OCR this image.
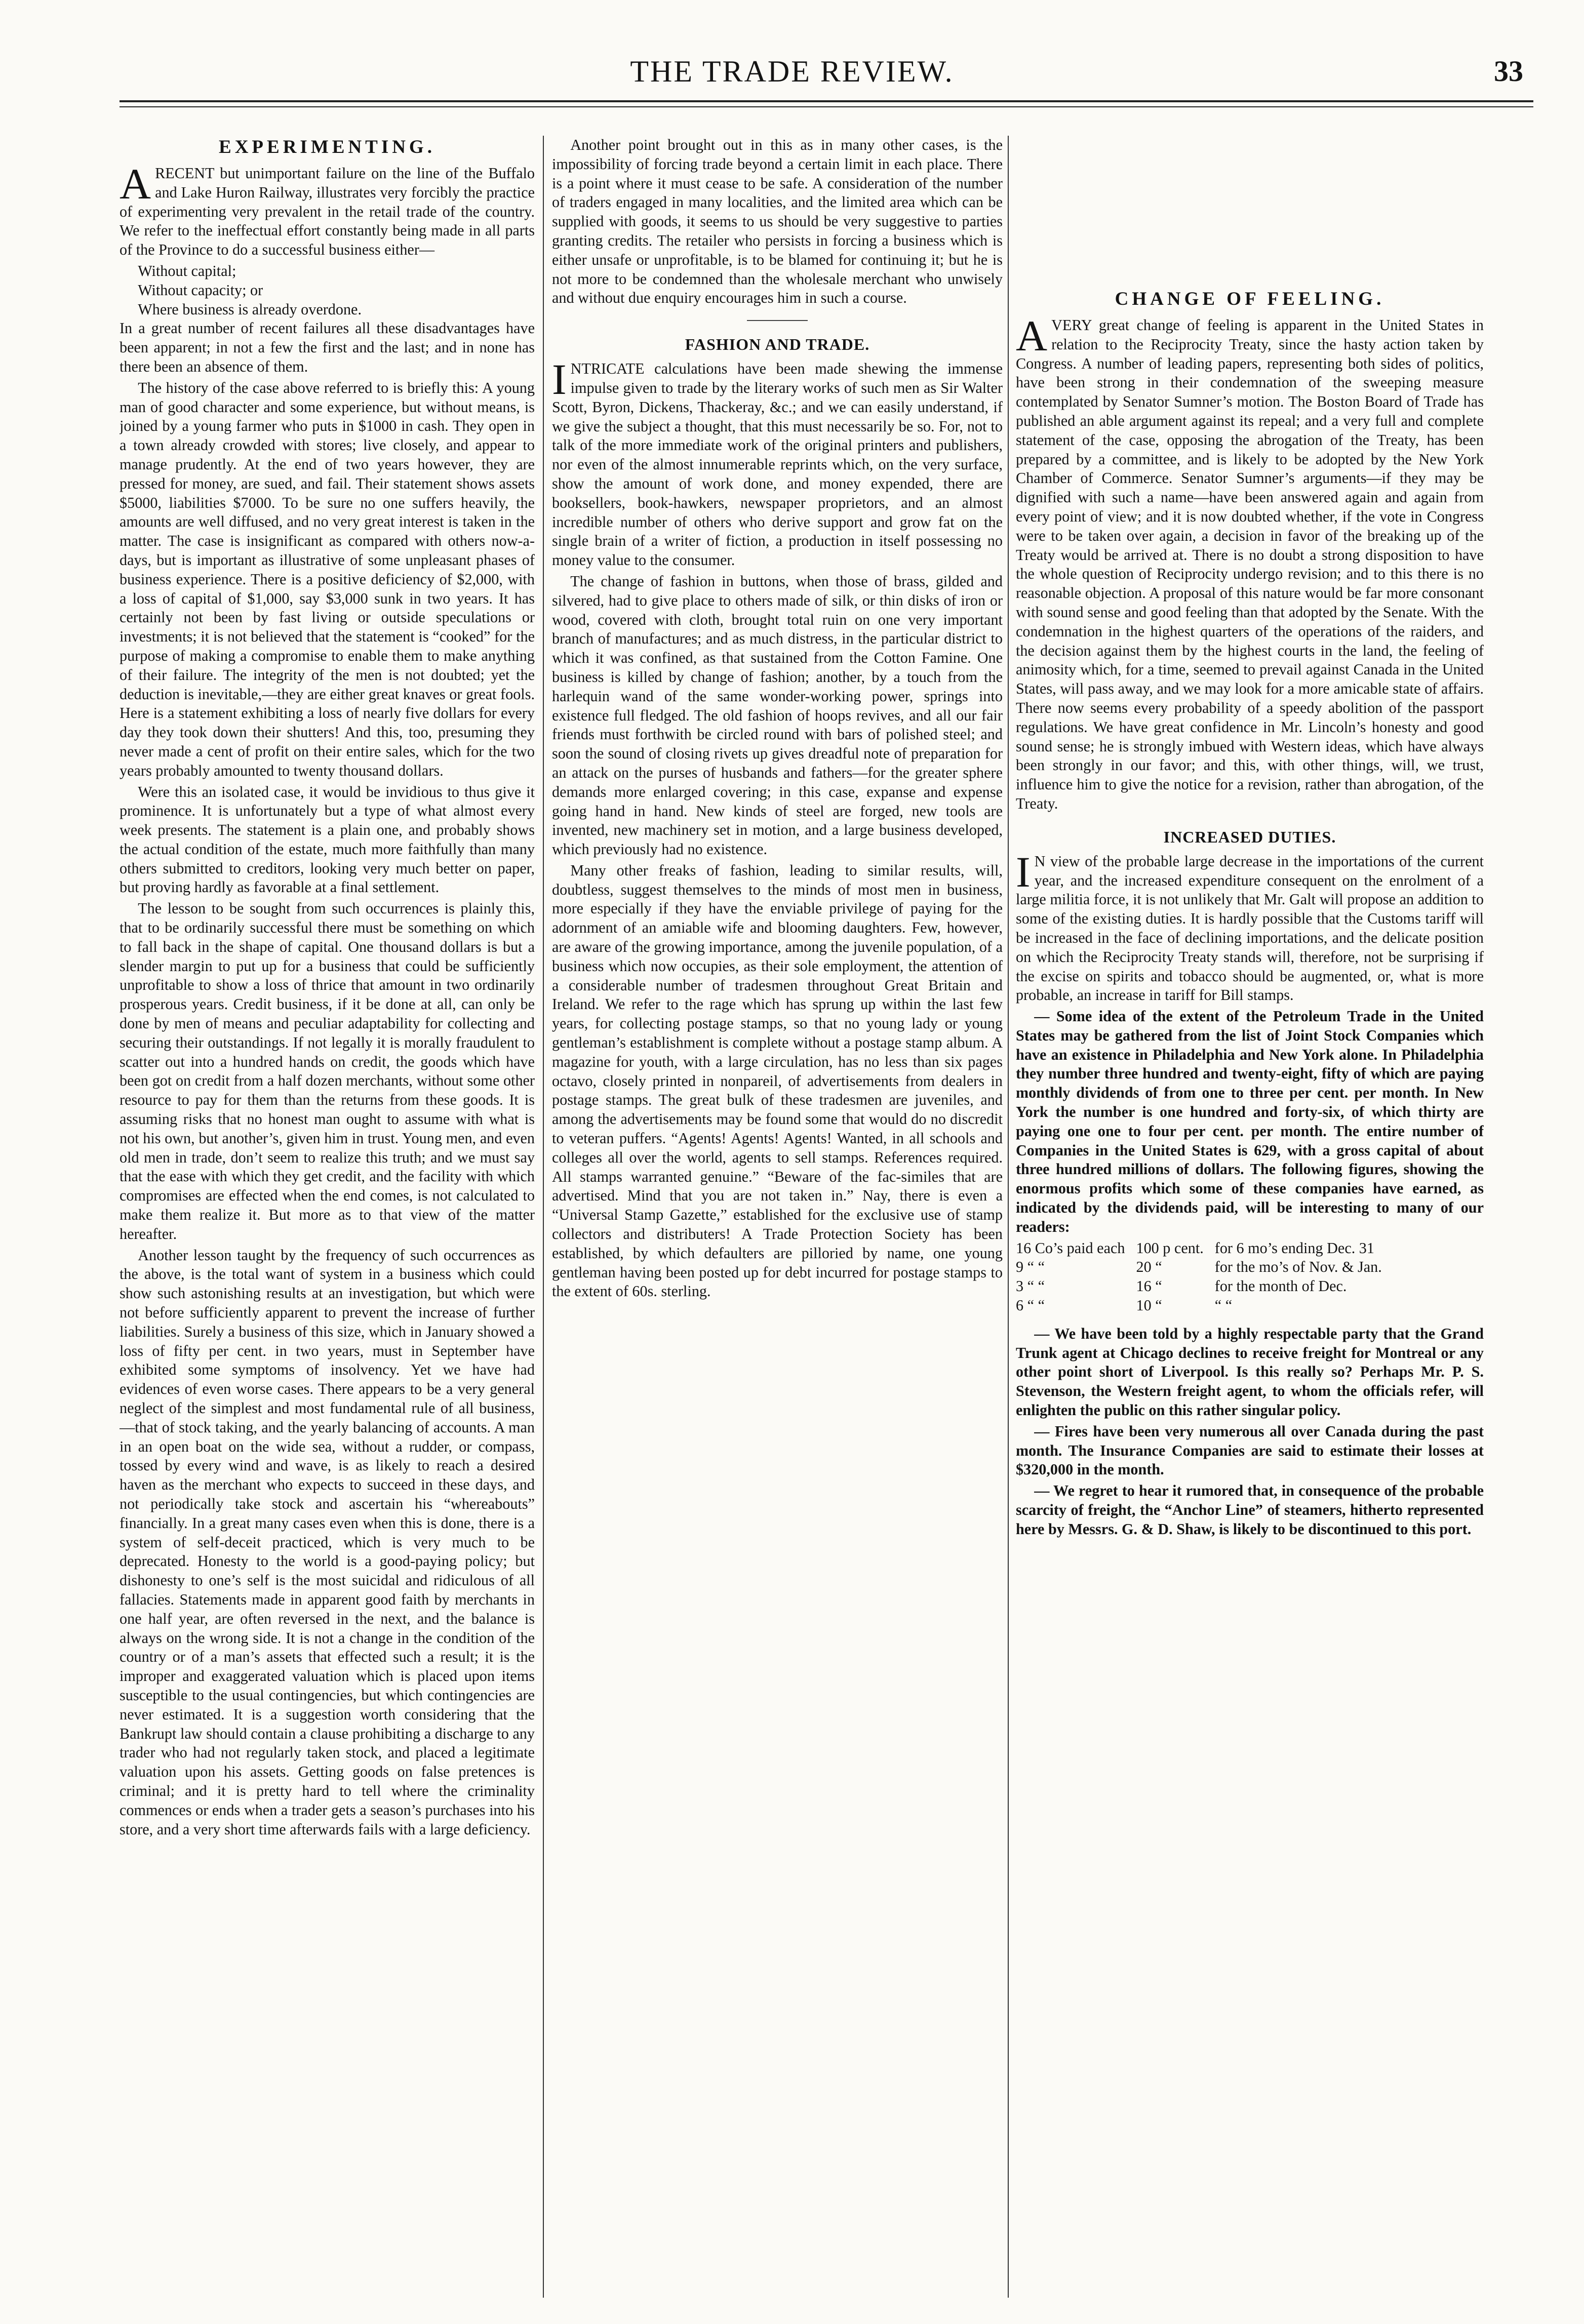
THE TRADE REVIEW.	33
EXPERIMENTING.

ARECENT but unimportant failure on the line of the Buffalo and Lake Huron Railway, illustrates very forcibly the practice of experimenting very prevalent in the retail trade of the country. We refer to the ineffectual effort constantly being made in all parts of the Province to do a successful business either—

Without capital;

Without capacity; or

Where business is already overdone.

In a great number of recent failures all these disadvantages have been apparent; in not a few the first and the last; and in none has there been an absence of them.

The history of the case above referred to is briefly this: A young man of good character and some experience, but without means, is joined by a young farmer who puts in $1000 in cash. They open in a town already crowded with stores; live closely, and appear to manage prudently. At the end of two years however, they are pressed for money, are sued, and fail. Their statement shows assets $5000, liabilities $7000. To be sure no one suffers heavily, the amounts are well diffused, and no very great interest is taken in the matter. The case is insignificant as compared with others now-a-days, but is important as illustrative of some unpleasant phases of business experience. There is a positive deficiency of $2,000, with a loss of capital of $1,000, say $3,000 sunk in two years. It has certainly not been by fast living or outside speculations or investments; it is not believed that the statement is “cooked” for the purpose of making a compromise to enable them to make anything of their failure. The integrity of the men is not doubted; yet the deduction is inevitable,—they are either great knaves or great fools. Here is a statement exhibiting a loss of nearly five dollars for every day they took down their shutters! And this, too, presuming they never made a cent of profit on their entire sales, which for the two years probably amounted to twenty thousand dollars.

Were this an isolated case, it would be invidious to thus give it prominence. It is unfortunately but a type of what almost every week presents. The statement is a plain one, and probably shows the actual condition of the estate, much more faithfully than many others submitted to creditors, looking very much better on paper, but proving hardly as favorable at a final settlement.

The lesson to be sought from such occurrences is plainly this, that to be ordinarily successful there must be something on which to fall back in the shape of capital. One thousand dollars is but a slender margin to put up for a business that could be sufficiently unprofitable to show a loss of thrice that amount in two ordinarily prosperous years. Credit business, if it be done at all, can only be done by men of means and peculiar adaptability for collecting and securing their outstandings. If not legally it is morally fraudulent to scatter out into a hundred hands on credit, the goods which have been got on credit from a half dozen merchants, without some other resource to pay for them than the returns from these goods. It is assuming risks that no honest man ought to assume with what is not his own, but another’s, given him in trust. Young men, and even old men in trade, don’t seem to realize this truth; and we must say that the ease with which they get credit, and the facility with which compromises are effected when the end comes, is not calculated to make them realize it. But more as to that view of the matter hereafter.

Another lesson taught by the frequency of such occurrences as the above, is the total want of system in a business which could show such astonishing results at an investigation, but which were not before sufficiently apparent to prevent the increase of further liabilities. Surely a business of this size, which in January showed a loss of fifty per cent. in two years, must in September have exhibited some symptoms of insolvency. Yet we have had evidences of even worse cases. There appears to be a very general neglect of the simplest and most fundamental rule of all business,—that of stock taking, and the yearly balancing of accounts. A man in an open boat on the wide sea, without a rudder, or compass, tossed by every wind and wave, is as likely to reach a desired haven as the merchant who expects to succeed in these days, and not periodically take stock and ascertain his “whereabouts” financially. In a great many cases even when this is done, there is a system of self-deceit practiced, which is very much to be deprecated. Honesty to the world is a good-paying policy; but dishonesty to one’s self is the most suicidal and ridiculous of all fallacies. Statements made in apparent good faith by merchants in one half year, are often reversed in the next, and the balance is always on the wrong side. It is not a change in the condition of the country or of a man’s assets that effected such a result; it is the improper and exaggerated valuation which is placed upon items susceptible to the usual contingencies, but which contingencies are never estimated. It is a suggestion worth considering that the Bankrupt law should contain a clause prohibiting a discharge to any trader who had not regularly taken stock, and placed a legitimate valuation upon his assets. Getting goods on false pretences is criminal; and it is pretty hard to tell where the criminality commences or ends when a trader gets a season’s purchases into his store, and a very short time afterwards fails with a large deficiency.

Another point brought out in this as in many other cases, is the impossibility of forcing trade beyond a certain limit in each place. There is a point where it must cease to be safe. A consideration of the number of traders engaged in many localities, and the limited area which can be supplied with goods, it seems to us should be very suggestive to parties granting credits. The retailer who persists in forcing a business which is either unsafe or unprofitable, is to be blamed for continuing it; but he is not more to be condemned than the wholesale merchant who unwisely and without due enquiry encourages him in such a course.

FASHION AND TRADE.

INTRICATE calculations have been made shewing the immense impulse given to trade by the literary works of such men as Sir Walter Scott, Byron, Dickens, Thackeray, &c.; and we can easily understand, if we give the subject a thought, that this must necessarily be so. For, not to talk of the more immediate work of the original printers and publishers, nor even of the almost innumerable reprints which, on the very surface, show the amount of work done, and money expended, there are booksellers, book-hawkers, newspaper proprietors, and an almost incredible number of others who derive support and grow fat on the single brain of a writer of fiction, a production in itself possessing no money value to the consumer.

The change of fashion in buttons, when those of brass, gilded and silvered, had to give place to others made of silk, or thin disks of iron or wood, covered with cloth, brought total ruin on one very important branch of manufactures; and as much distress, in the particular district to which it was confined, as that sustained from the Cotton Famine. One business is killed by change of fashion; another, by a touch from the harlequin wand of the same wonder-working power, springs into existence full fledged. The old fashion of hoops revives, and all our fair friends must forthwith be circled round with bars of polished steel; and soon the sound of closing rivets up gives dreadful note of preparation for an attack on the purses of husbands and fathers—for the greater sphere demands more enlarged covering; in this case, expanse and expense going hand in hand. New kinds of steel are forged, new tools are invented, new machinery set in motion, and a large business developed, which previously had no existence.

Many other freaks of fashion, leading to similar results, will, doubtless, suggest themselves to the minds of most men in business, more especially if they have the enviable privilege of paying for the adornment of an amiable wife and blooming daughters. Few, however, are aware of the growing importance, among the juvenile population, of a business which now occupies, as their sole employment, the attention of a considerable number of tradesmen throughout Great Britain and Ireland. We refer to the rage which has sprung up within the last few years, for collecting postage stamps, so that no young lady or young gentleman’s establishment is complete without a postage stamp album. A magazine for youth, with a large circulation, has no less than six pages octavo, closely printed in nonpareil, of advertisements from dealers in postage stamps. The great bulk of these tradesmen are juveniles, and among the advertisements may be found some that would do no discredit to veteran puffers. “Agents! Agents! Agents! Wanted, in all schools and colleges all over the world, agents to sell stamps. References required. All stamps warranted genuine.” “Beware of the fac-similes that are advertised. Mind that you are not taken in.” Nay, there is even a “Universal Stamp Gazette,” established for the exclusive use of stamp collectors and distributers! A Trade Protection Society has been established, by which defaulters are pilloried by name, one young gentleman having been posted up for debt incurred for postage stamps to the extent of 60s. sterling.

CHANGE OF FEELING.

AVERY great change of feeling is apparent in the United States in relation to the Reciprocity Treaty, since the hasty action taken by Congress. A number of leading papers, representing both sides of politics, have been strong in their condemnation of the sweeping measure contemplated by Senator Sumner’s motion. The Boston Board of Trade has published an able argument against its repeal; and a very full and complete statement of the case, opposing the abrogation of the Treaty, has been prepared by a committee, and is likely to be adopted by the New York Chamber of Commerce. Senator Sumner’s arguments—if they may be dignified with such a name—have been answered again and again from every point of view; and it is now doubted whether, if the vote in Congress were to be taken over again, a decision in favor of the breaking up of the Treaty would be arrived at. There is no doubt a strong disposition to have the whole question of Reciprocity undergo revision; and to this there is no reasonable objection. A proposal of this nature would be far more consonant with sound sense and good feeling than that adopted by the Senate. With the condemnation in the highest quarters of the operations of the raiders, and the decision against them by the highest courts in the land, the feeling of animosity which, for a time, seemed to prevail against Canada in the United States, will pass away, and we may look for a more amicable state of affairs. There now seems every probability of a speedy abolition of the passport regulations. We have great confidence in Mr. Lincoln’s honesty and good sound sense; he is strongly imbued with Western ideas, which have always been strongly in our favor; and this, with other things, will, we trust, influence him to give the notice for a revision, rather than abrogation, of the Treaty.

INCREASED DUTIES.

I N view of the probable large decrease in the importations of the current year, and the increased expenditure consequent on the enrolment of a large militia force, it is not unlikely that Mr. Galt will propose an addition to some of the existing duties. It is hardly possible that the Customs tariff will be increased in the face of declining importations, and the delicate position on which the Reciprocity Treaty stands will, therefore, not be surprising if the excise on spirits and tobacco should be augmented, or, what is more probable, an increase in tariff for Bill stamps.

— Some idea of the extent of the Petroleum Trade in the United States may be gathered from the list of Joint Stock Companies which have an existence in Philadelphia and New York alone. In Philadelphia they number three hundred and twenty-eight, fifty of which are paying monthly dividends of from one to three per cent. per month. In New York the number is one hundred and forty-six, of which thirty are paying one one to four per cent. per month. The entire number of Companies in the United States is 629, with a gross capital of about three hundred millions of dollars. The following figures, showing the enormous profits which some of these companies have earned, as indicated by the dividends paid, will be interesting to many of our readers:

16 Co’s paid each	100 p cent.	for 6 mo’s ending Dec. 31
9 “ “	20 “	for the mo’s of Nov. & Jan.
3 “ “	16 “	for the month of Dec.
6 “ “	10 “	“ “

— We have been told by a highly respectable party that the Grand Trunk agent at Chicago declines to receive freight for Montreal or any other point short of Liverpool. Is this really so? Perhaps Mr. P. S. Stevenson, the Western freight agent, to whom the officials refer, will enlighten the public on this rather singular policy.

— Fires have been very numerous all over Canada during the past month. The Insurance Companies are said to estimate their losses at $320,000 in the month.

— We regret to hear it rumored that, in consequence of the probable scarcity of freight, the “Anchor Line” of steamers, hitherto represented here by Messrs. G. & D. Shaw, is likely to be discontinued to this port.
